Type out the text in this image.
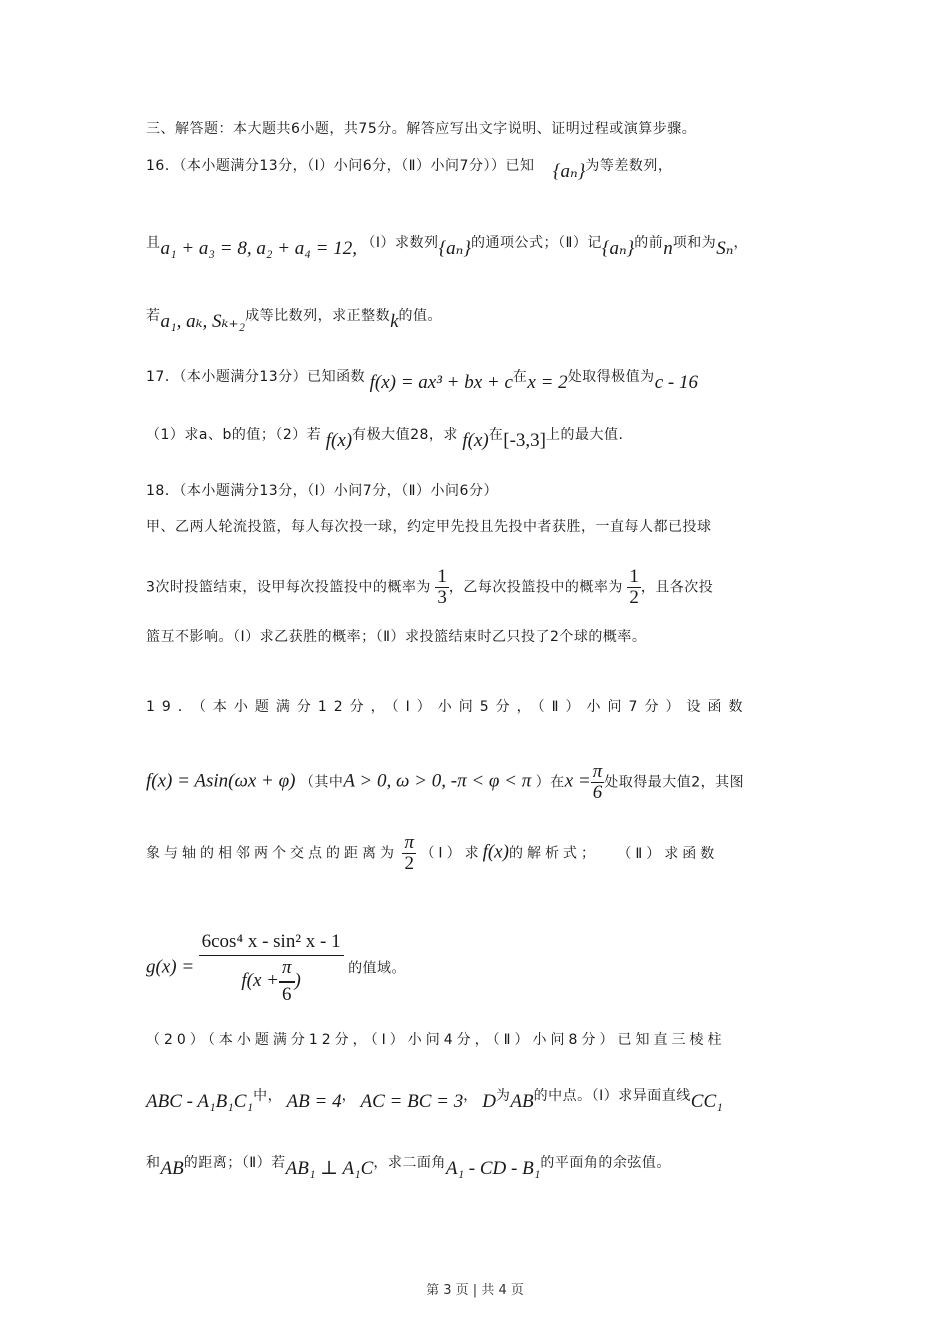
三、解答题：本大题共6小题，共75分。解答应写出文字说明、证明过程或演算步骤。
16．（本小题满分13分，（Ⅰ）小问6分，（Ⅱ）小问7分））已知 {aₙ}为等差数列，
且a₁ + a₃ = 8, a₂ + a₄ = 12, （Ⅰ）求数列{aₙ}的通项公式；（Ⅱ）记{aₙ}的前n项和为Sₙ，
若a₁, aₖ, Sₖ₊₂成等比数列，求正整数k的值。
17．（本小题满分13分）已知函数 f(x) = ax³ + bx + c在x = 2处取得极值为c - 16
（1）求a、b的值；（2）若 f(x)有极大值28，求 f(x)在[-3,3]上的最大值.
18．（本小题满分13分，（Ⅰ）小问7分，（Ⅱ）小问6分）
甲、乙两人轮流投篮，每人每次投一球，约定甲先投且先投中者获胜，一直每人都已投球
3次时投篮结束，设甲每次投篮投中的概率为 $\frac{1}{3}$ ，乙每次投篮投中的概率为 $\frac{1}{2}$ ，且各次投
篮互不影响。（Ⅰ）求乙获胜的概率；（Ⅱ）求投篮结束时乙只投了2个球的概率。
19．（本小题满分12分，（Ⅰ）小问5分，（Ⅱ）小问7分）设函数
f(x) = Asin(ωx + φ) （其中A > 0, ω > 0, -π < φ < π ）在$x = \frac{\pi}{6}$ 处取得最大值2，其图
象与轴的相邻两个交点的距离为 $\frac{\pi}{2}$ （Ⅰ）求f(x)的解析式； （Ⅱ）求函数
$g(x) = \frac{\text{6cos⁴ x - sin² x - 1}}{f(x + \frac{\pi}{6} )}$ 的值域。
（20）（本小题满分12分，（Ⅰ）小问4分，（Ⅱ）小问8分）已知直三棱柱
ABC - A₁B₁C₁中， AB = 4， AC = BC = 3， D为AB的中点。（Ⅰ）求异面直线CC₁
和AB的距离；（Ⅱ）若AB₁ ⊥ A₁C，求二面角A₁ - CD - B₁的平面角的余弦值。
第 3 页 | 共 4 页
